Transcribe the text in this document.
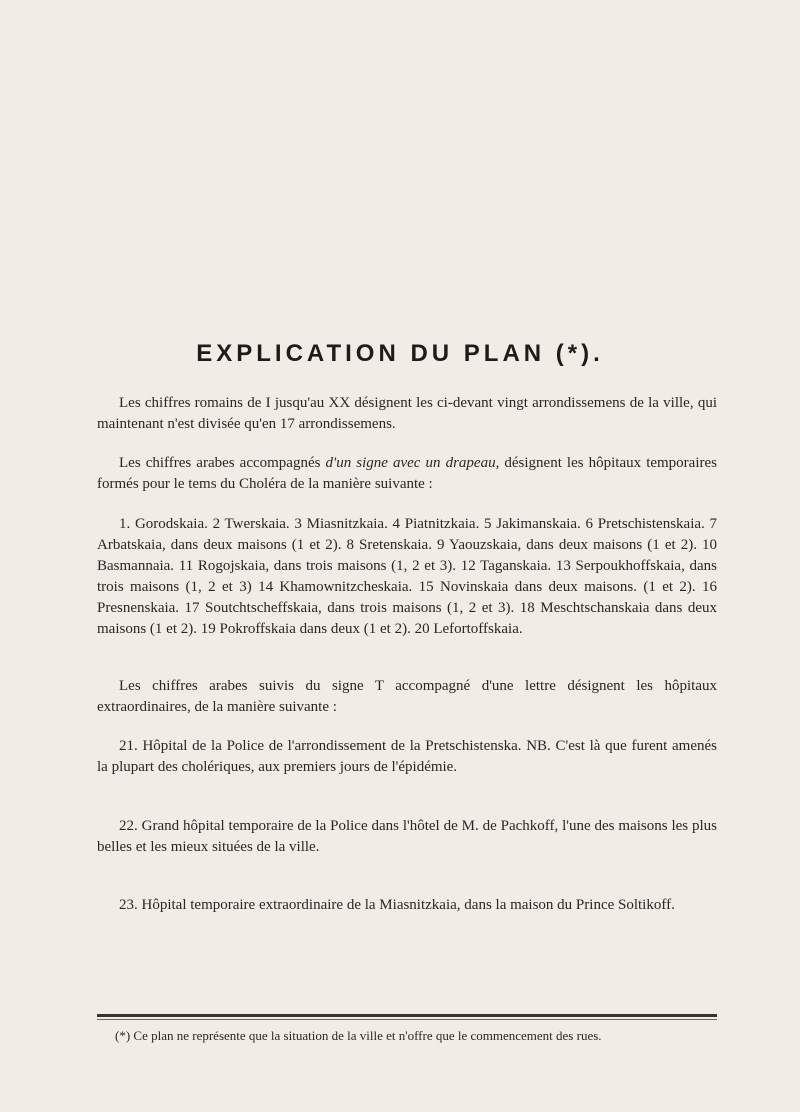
EXPLICATION DU PLAN (*).

Les chiffres romains de I jusqu'au XX désignent les ci-devant vingt arrondissemens de la ville, qui maintenant n'est divisée qu'en 17 arrondissemens.

Les chiffres arabes accompagnés d'un signe avec un drapeau, désignent les hôpitaux temporaires formés pour le tems du Choléra de la manière suivante :

1. Gorodskaia. 2 Twerskaia. 3 Miasnitzkaia. 4 Piatnitzkaia. 5 Jakimanskaia. 6 Pretschistenskaia. 7 Arbatskaia, dans deux maisons (1 et 2). 8 Sretenskaia. 9 Yaouzskaia, dans deux maisons (1 et 2). 10 Basmannaia. 11 Rogojskaia, dans trois maisons (1, 2 et 3). 12 Taganskaia. 13 Serpoukhoffskaia, dans trois maisons (1, 2 et 3) 14 Khamownitzcheskaia. 15 Novinskaia dans deux maisons. (1 et 2). 16 Presnenskaia. 17 Soutchtscheffskaia, dans trois maisons (1, 2 et 3). 18 Meschtschanskaia dans deux maisons (1 et 2). 19 Pokroffskaia dans deux (1 et 2). 20 Lefortoffskaia.

Les chiffres arabes suivis du signe T accompagné d'une lettre désignent les hôpitaux extraordinaires, de la manière suivante :

21. Hôpital de la Police de l'arrondissement de la Pretschistenska. NB. C'est là que furent amenés la plupart des cholériques, aux premiers jours de l'épidémie.

22. Grand hôpital temporaire de la Police dans l'hôtel de M. de Pachkoff, l'une des maisons les plus belles et les mieux situées de la ville.

23. Hôpital temporaire extraordinaire de la Miasnitzkaia, dans la maison du Prince Soltikoff.

(*) Ce plan ne représente que la situation de la ville et n'offre que le commencement des rues.
